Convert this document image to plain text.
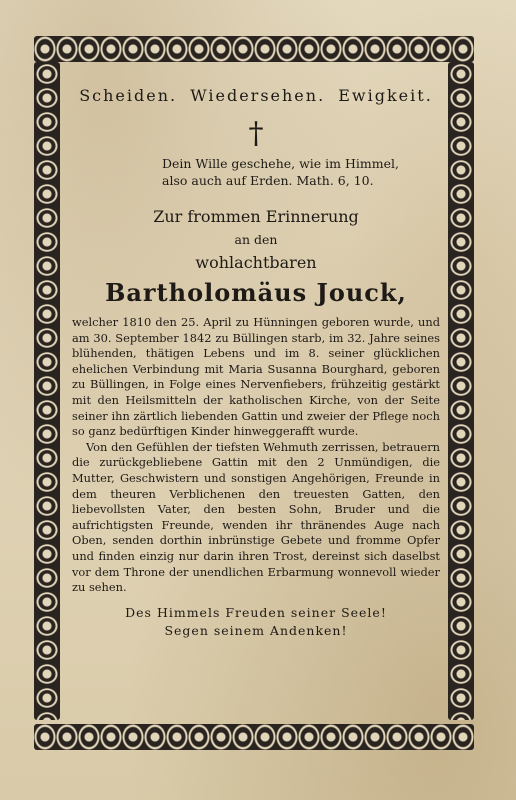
Scheiden. Wiedersehen. Ewigkeit.

†
Dein Wille geschehe, wie im Himmel,
also auch auf Erden. Math. 6, 10.
Zur frommen Erinnerung
an den
wohlachtbaren
Bartholomäus Jouck,

welcher 1810 den 25. April zu Hünningen geboren wurde, und am 30. September 1842 zu Büllingen starb, im 32. Jahre seines blühenden, thätigen Lebens und im 8. seiner glücklichen ehelichen Verbindung mit Maria Susanna Bourghard, geboren zu Büllingen, in Folge eines Nervenfiebers, frühzeitig gestärkt mit den Heilsmitteln der katholischen Kirche, von der Seite seiner ihn zärtlich liebenden Gattin und zweier der Pflege noch so ganz bedürftigen Kinder hinweggerafft wurde.

Von den Gefühlen der tiefsten Wehmuth zerrissen, betrauern die zurückgebliebene Gattin mit den 2 Unmündigen, die Mutter, Geschwistern und sonstigen Angehörigen, Freunde in dem theuren Verblichenen den treuesten Gatten, den liebevollsten Vater, den besten Sohn, Bruder und die aufrichtigsten Freunde, wenden ihr thränendes Auge nach Oben, senden dorthin inbrünstige Gebete und fromme Opfer und finden einzig nur darin ihren Trost, dereinst sich daselbst vor dem Throne der unendlichen Erbarmung wonnevoll wieder zu sehen.

Des Himmels Freuden seiner Seele!
Segen seinem Andenken!
